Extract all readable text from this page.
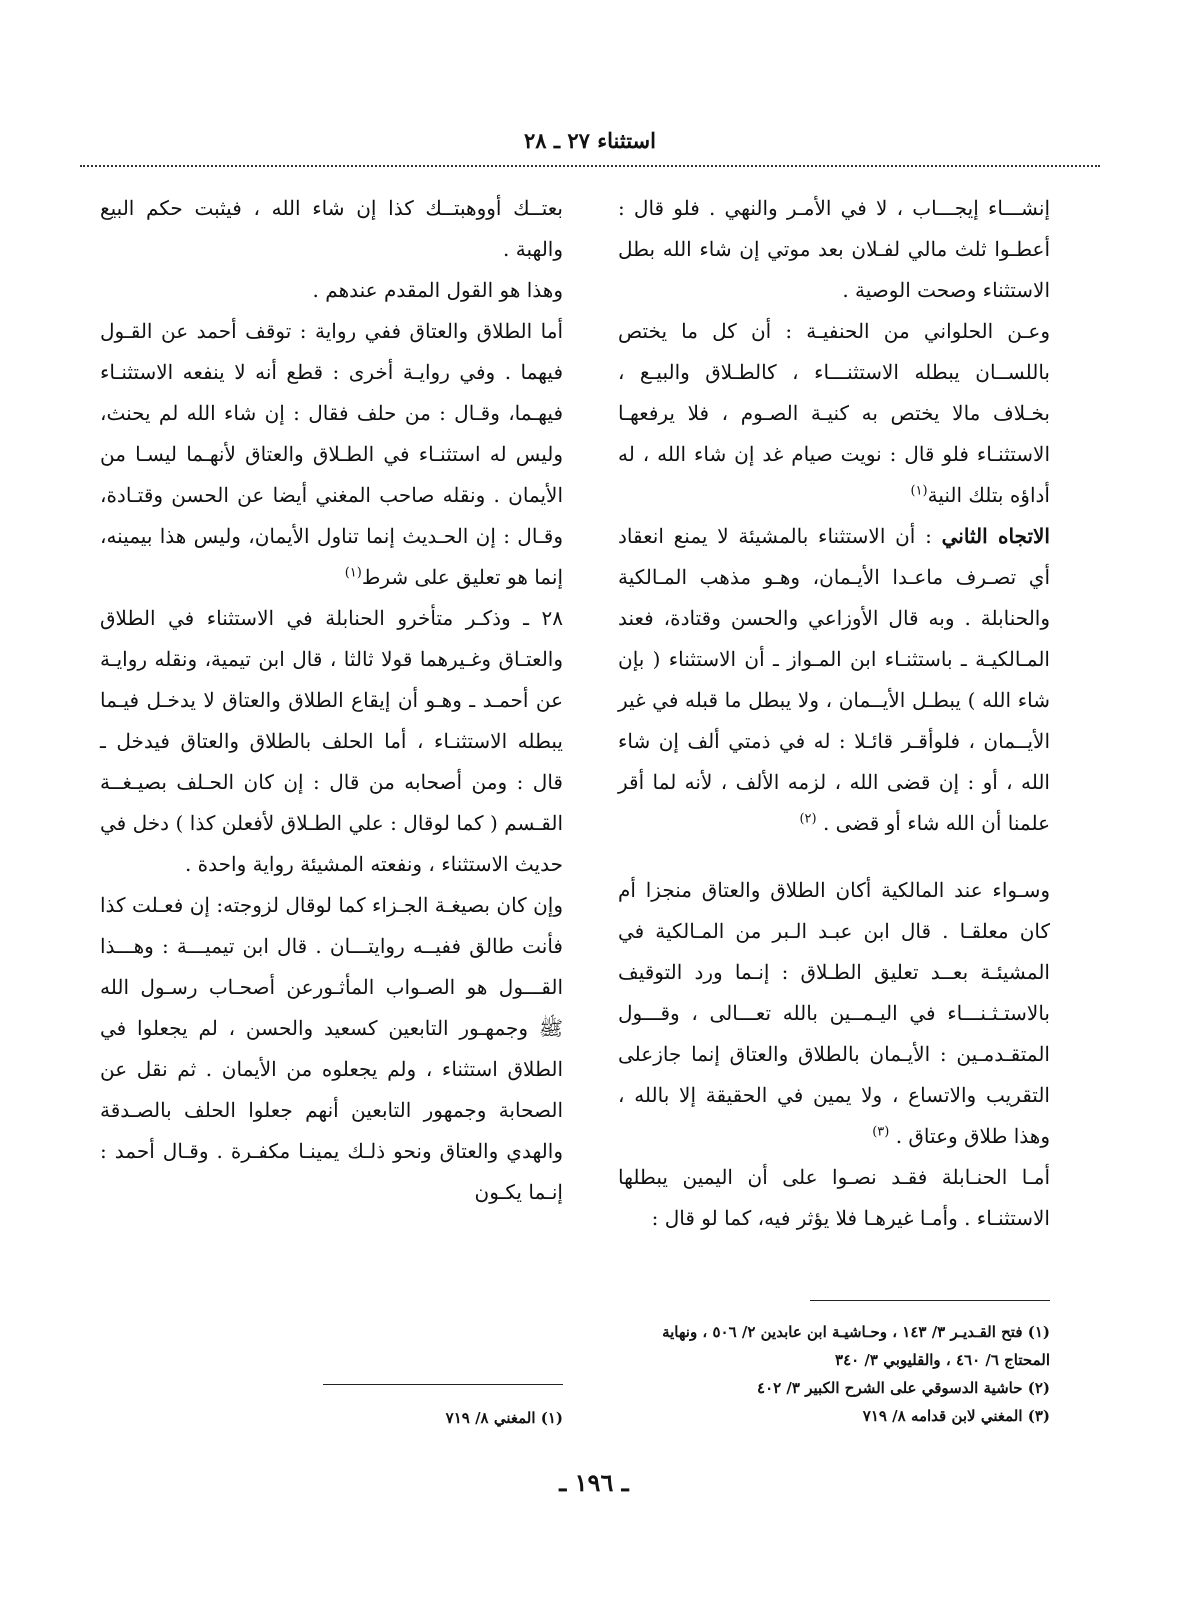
استثناء ٢٧ ـ ٢٨

إنشـــاء إيجـــاب ، لا في الأمـر والنهي . فلو قال : أعطـوا ثلث مالي لفـلان بعد موتي إن شاء الله بطل الاستثناء وصحت الوصية .

وعـن الحلواني من الحنفيـة : أن كل ما يختص باللســان يبطله الاستثنـــاء ، كالطـلاق والبيـع ، بخـلاف مالا يختص به كنيـة الصـوم ، فلا يرفعهـا الاستثنـاء فلو قال : نويت صيام غد إن شاء الله ، له أداؤه بتلك النية$^{(١)}$

الاتجاه الثاني : أن الاستثناء بالمشيئة لا يمنع انعقاد أي تصـرف ماعـدا الأيـمان، وهـو مذهب المـالكية والحنابلة . وبه قال الأوزاعي والحسن وقتادة، فعند المـالكيـة ـ باستثنـاء ابن المـواز ـ أن الاستثناء ( بإن شاء الله ) يبطـل الأيــمان ، ولا يبطل ما قبله في غير الأيــمان ، فلوأقـر قائـلا : له في ذمتي ألف إن شاء الله ، أو : إن قضى الله ، لزمه الألف ، لأنه لما أقر علمنا أن الله شاء أو قضى . $^{(٢)}$

وسـواء عند المالكية أكان الطلاق والعتاق منجزا أم كان معلقـا . قال ابن عبـد الـبر من المـالكية في المشيئـة بعــد تعليق الطـلاق : إنـما ورد التوقيف بالاستـثـنـــاء في اليـمــين بالله تعـــالى ، وقـــول المتقـدمـين : الأيـمان بالطلاق والعتاق إنما جازعلى التقريب والاتساع ، ولا يمين في الحقيقة إلا بالله ، وهذا طلاق وعتاق . $^{(٣)}$

أمـا الحنـابلة فقـد نصـوا على أن اليمين يبطلها الاستثنـاء . وأمـا غيرهـا فلا يؤثر فيه، كما لو قال :

بعتــك أووهبتــك كذا إن شاء الله ، فيثبت حكم البيع والهبة .

وهذا هو القول المقدم عندهم .

أما الطلاق والعتاق ففي رواية : توقف أحمد عن القـول فيهما . وفي روايـة أخرى : قطع أنه لا ينفعه الاستثنـاء فيهـما، وقـال : من حلف فقال : إن شاء الله لم يحنث، وليس له استثنـاء في الطـلاق والعتاق لأنهـما ليسـا من الأيمان . ونقله صاحب المغني أيضا عن الحسن وقتـادة، وقـال : إن الحـديث إنما تناول الأيمان، وليس هذا بيمينه، إنما هو تعليق على شرط$^{(١)}$

٢٨ ـ وذكـر متأخرو الحنابلة في الاستثناء في الطلاق والعتـاق وغـيرهما قولا ثالثا ، قال ابن تيمية، ونقله روايـة عن أحمـد ـ وهـو أن إيقاع الطلاق والعتاق لا يدخـل فيـما يبطله الاستثنـاء ، أما الحلف بالطلاق والعتاق فيدخل ـ قال : ومن أصحابه من قال : إن كان الحـلف بصيـغــة القـسم ( كما لوقال : علي الطـلاق لأفعلن كذا ) دخل في حديث الاستثناء ، ونفعته المشيئة رواية واحدة .

وإن كان بصيغـة الجـزاء كما لوقال لزوجته: إن فعـلت كذا فأنت طالق ففيــه روايتـــان . قال ابن تيميـــة : وهـــذا القـــول هو الصـواب المأثـورعن أصحـاب رسـول الله ﷺ وجمهـور التابعين كسعيد والحسن ، لم يجعلوا في الطلاق استثناء ، ولم يجعلوه من الأيمان . ثم نقل عن الصحابة وجمهور التابعين أنهم جعلوا الحلف بالصـدقة والهدي والعتاق ونحو ذلـك يمينـا مكفـرة . وقـال أحمد : إنـما يكـون

(١) فتح القـديـر ٣/ ١٤٣ ، وحـاشيـة ابن عابدين ٢/ ٥٠٦ ، ونهاية المحتاج ٦/ ٤٦٠ ، والقليوبي ٣/ ٣٤٠

(٢) حاشية الدسوقي على الشرح الكبير ٣/ ٤٠٢

(٣) المغني لابن قدامه ٨/ ٧١٩

(١) المغني ٨/ ٧١٩

ـ ١٩٦ ـ
